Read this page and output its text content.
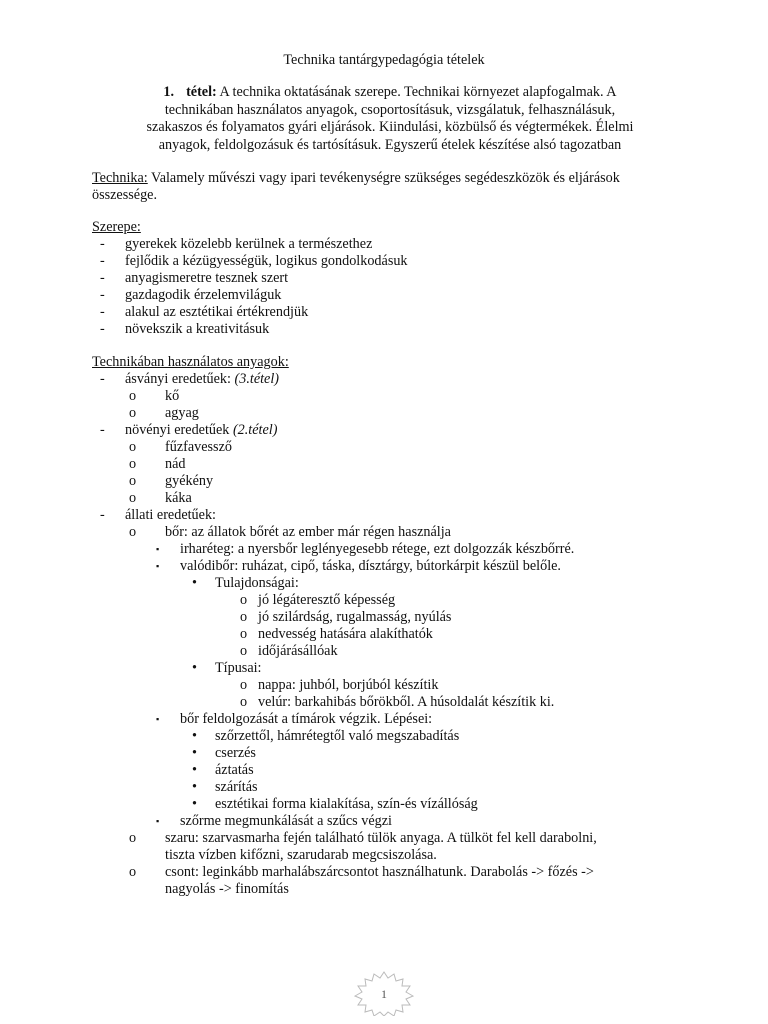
Technika tantárgypedagógia tételek
1. tétel: A technika oktatásának szerepe. Technikai környezet alapfogalmak. A
technikában használatos anyagok, csoportosításuk, vizsgálatuk, felhasználásuk,
szakaszos és folyamatos gyári eljárások. Kiindulási, közbülső és végtermékek. Élelmi
anyagok, feldolgozásuk és tartósításuk. Egyszerű ételek készítése alsó tagozatban
Technika: Valamely művészi vagy ipari tevékenységre szükséges segédeszközök és eljárások
összessége.
Szerepe:
- gyerekek közelebb kerülnek a természethez
- fejlődik a kézügyességük, logikus gondolkodásuk
- anyagismeretre tesznek szert
- gazdagodik érzelemviláguk
- alakul az esztétikai értékrendjük
- növekszik a kreativitásuk
Technikában használatos anyagok:
- ásványi eredetűek: (3.tétel)
o kő
o agyag
- növényi eredetűek (2.tétel)
o fűzfavessző
o nád
o gyékény
o káka
- állati eredetűek:
o bőr: az állatok bőrét az ember már régen használja
▪ irharéteg: a nyersbőr leglényegesebb rétege, ezt dolgozzák készbőrré.
▪ valódibőr: ruházat, cipő, táska, dísztárgy, bútorkárpit készül belőle.
• Tulajdonságai:
o jó légáteresztő képesség
o jó szilárdság, rugalmasság, nyúlás
o nedvesség hatására alakíthatók
o időjárásállóak
• Típusai:
o nappa: juhból, borjúból készítik
o velúr: barkahibás bőrökből. A húsoldalát készítik ki.
▪ bőr feldolgozását a tímárok végzik. Lépései:
• szőrzettől, hámrétegtől való megszabadítás
• cserzés
• áztatás
• szárítás
• esztétikai forma kialakítása, szín-és vízállóság
▪ szőrme megmunkálását a szűcs végzi
o szaru: szarvasmarha fején található tülök anyaga. A tülköt fel kell darabolni, tiszta vízben kifőzni, szarudarab megcsiszolása.
o csont: leginkább marhalábszárcsontot használhatunk. Darabolás -> főzés -> nagyolás -> finomítás
1
